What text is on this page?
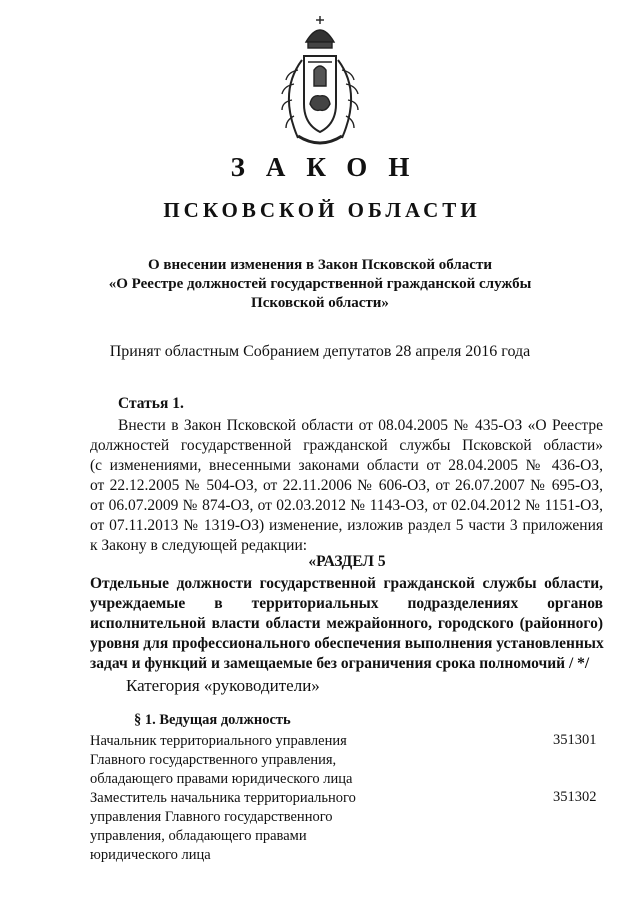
ЗАКОН
ПСКОВСКОЙ ОБЛАСТИ
О внесении изменения в Закон Псковской области
«О Реестре должностей государственной гражданской службы
Псковской области»
Принят областным Собранием депутатов 28 апреля 2016 года
Статья 1.
Внести в Закон Псковской области от 08.04.2005 № 435-ОЗ «О Реестре
должностей государственной гражданской службы Псковской области»
(с изменениями, внесенными законами области от 28.04.2005 № 436-ОЗ,
от 22.12.2005 № 504-ОЗ, от 22.11.2006 № 606-ОЗ, от 26.07.2007 № 695-ОЗ,
от 06.07.2009 № 874-ОЗ, от 02.03.2012 № 1143-ОЗ, от 02.04.2012 № 1151-ОЗ,
от 07.11.2013 № 1319-ОЗ) изменение, изложив раздел 5 части 3 приложения
к Закону в следующей редакции:
«РАЗДЕЛ 5
Отдельные должности государственной гражданской службы области,
учреждаемые в территориальных подразделениях органов
исполнительной власти области межрайонного, городского (районного)
уровня для профессионального обеспечения выполнения установленных
задач и функций и замещаемые без ограничения срока полномочий / */
Категория «руководители»
§ 1. Ведущая должность
Начальник территориального управления
Главного государственного управления,
обладающего правами юридического лица
351301
Заместитель начальника территориального
управления Главного государственного
управления, обладающего правами
юридического лица
351302
